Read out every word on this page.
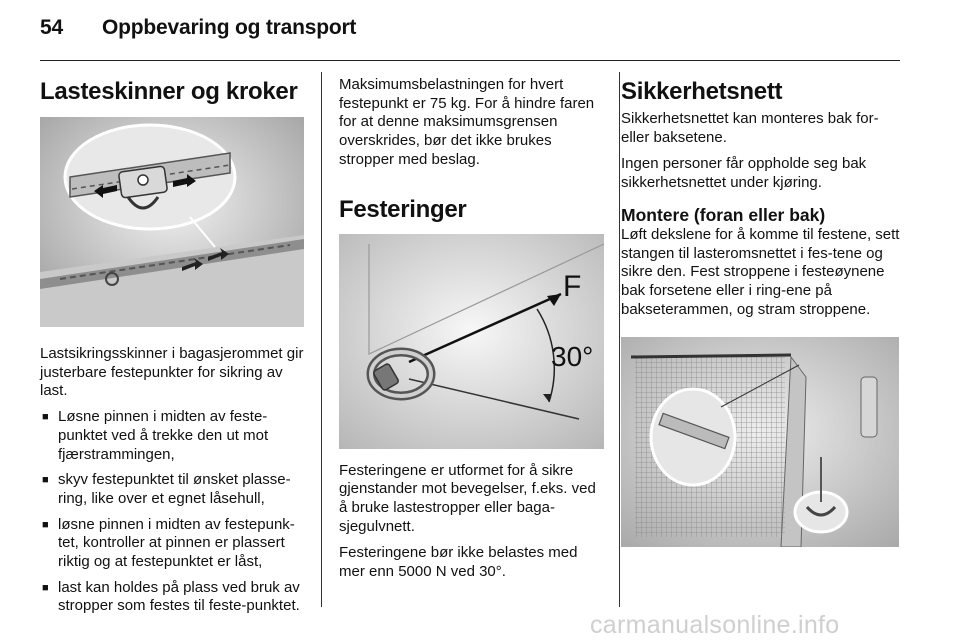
54 Oppbevaring og transport
Lasteskinner og kroker

Lastsikringsskinner i bagasjerommet gir justerbare festepunkter for sikring av last.

■ Løsne pinnen i midten av feste-punktet ved å trekke den ut mot fjærstrammingen,
■ skyv festepunktet til ønsket plasse-ring, like over et egnet låsehull,
■ løsne pinnen i midten av festepunk-tet, kontroller at pinnen er plassert riktig og at festepunktet er låst,
■ last kan holdes på plass ved bruk av stropper som festes til feste-punktet.

Maksimumsbelastningen for hvert festepunkt er 75 kg. For å hindre faren for at denne maksimumsgrensen overskrides, bør det ikke brukes stropper med beslag.

Festeringer
F
30°

Festeringene er utformet for å sikre gjenstander mot bevegelser, f.eks. ved å bruke lastestropper eller baga-sjegulvnett.

Festeringene bør ikke belastes med mer enn 5000 N ved 30°.

Sikkerhetsnett

Sikkerhetsnettet kan monteres bak for- eller baksetene.

Ingen personer får oppholde seg bak sikkerhetsnettet under kjøring.

Montere (foran eller bak)

Løft dekslene for å komme til festene, sett stangen til lasteromsnettet i fes-tene og sikre den. Fest stroppene i festeøynene bak forsetene eller i ring-ene på bakseterammen, og stram stroppene.

carmanualsonline.info
